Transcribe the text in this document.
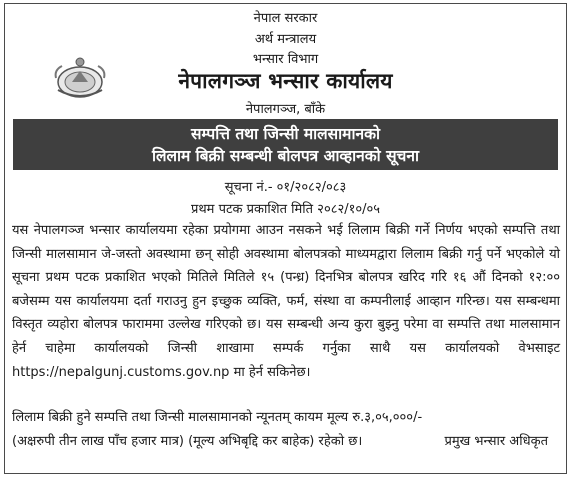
नेपाल सरकार
अर्थ मन्त्रालय
भन्सार विभाग
नेपालगञ्ज भन्सार कार्यालय
नेपालगञ्ज, बाँके
सम्पत्ति तथा जिन्सी मालसामानको
लिलाम बिक्री सम्बन्धी बोलपत्र आव्हानको सूचना
सूचना नं.- ०१/२०८२/०८३
प्रथम पटक प्रकाशित मिति २०८२/१०/०५

यस नेपालगञ्ज भन्सार कार्यालयमा रहेका प्रयोगमा आउन नसकने भई लिलाम बिक्री गर्ने निर्णय भएको सम्पत्ति तथा जिन्सी मालसामान जे-जस्तो अवस्थामा छन् सोही अवस्थामा बोलपत्रको माध्यमद्वारा लिलाम बिक्री गर्नु पर्ने भएकोले यो सूचना प्रथम पटक प्रकाशित भएको मितिले मितिले १५ (पन्ध्र) दिनभित्र बोलपत्र खरिद गरि १६ औं दिनको १२:०० बजेसम्म यस कार्यालयमा दर्ता गराउनु हुन इच्छुक व्यक्ति, फर्म, संस्था वा कम्पनीलाई आव्हान गरिन्छ। यस सम्बन्धमा विस्तृत व्यहोरा बोलपत्र फाराममा उल्लेख गरिएको छ। यस सम्बन्धी अन्य कुरा बुझ्नु परेमा वा सम्पत्ति तथा मालसामान हेर्न चाहेमा कार्यालयको जिन्सी शाखामा सम्पर्क गर्नुका साथै यस कार्यालयको वेभसाइट https://nepalgunj.customs.gov.np मा हेर्न सकिनेछ।

लिलाम बिक्री हुने सम्पत्ति तथा जिन्सी मालसामानको न्यूनतम् कायम मूल्य रु.३,०५,०००/-

(अक्षरुपी तीन लाख पाँच हजार मात्र) (मूल्य अभिबृद्दि कर बाहेक) रहेको छ।	प्रमुख भन्सार अधिकृत
